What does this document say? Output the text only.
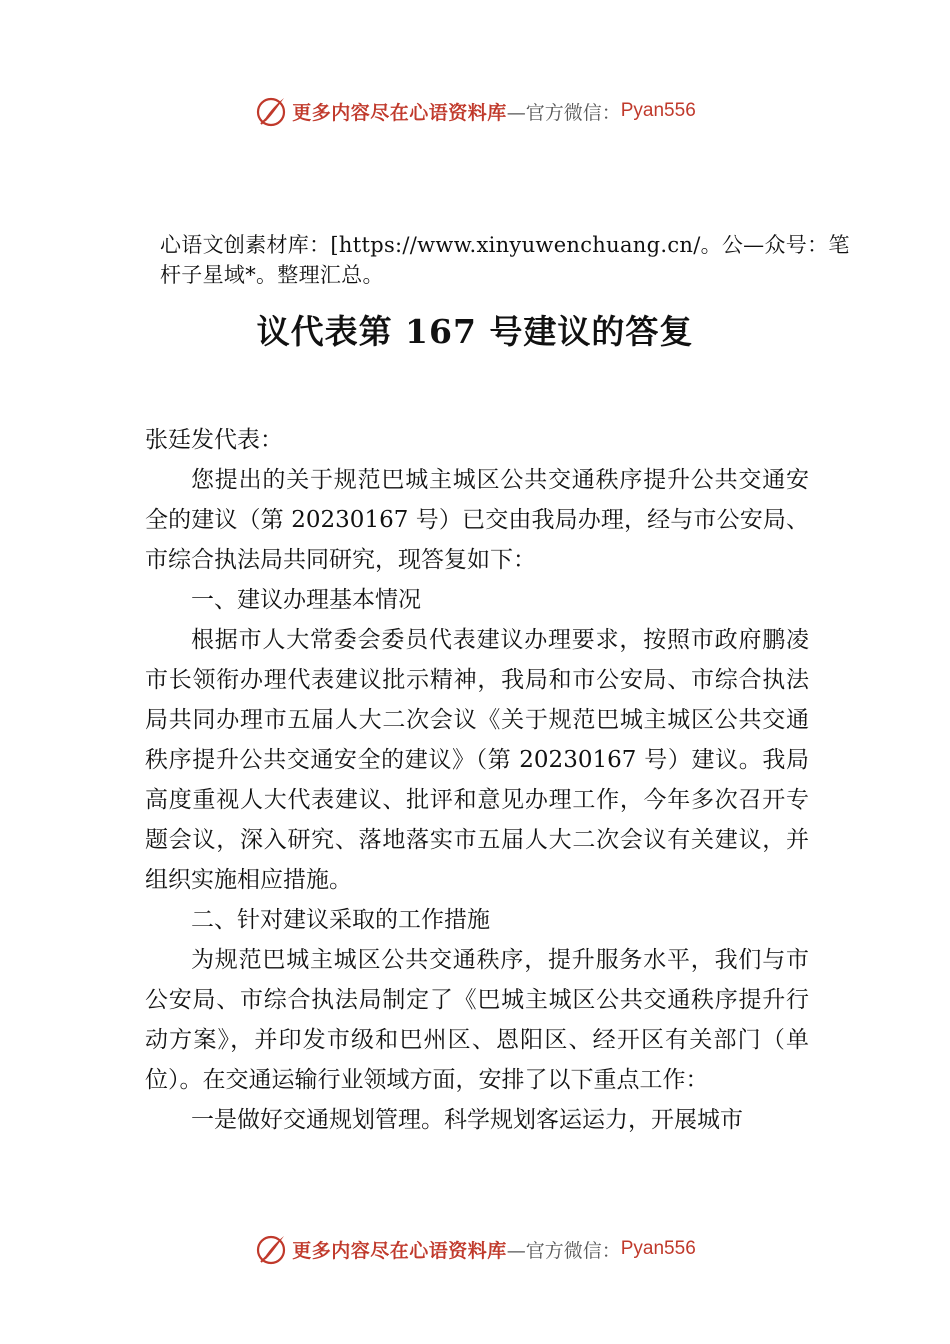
更多内容尽在心语资料库 —官方微信： Pyan556
心语文创素材库：[https://www.xinyuwenchuang.cn/。公—众号：笔杆子星域*。整理汇总。
议代表第 167 号建议的答复

张廷发代表：

您提出的关于规范巴城主城区公共交通秩序提升公共交通安全的建议（第 20230167 号）已交由我局办理，经与市公安局、市综合执法局共同研究，现答复如下：

一、建议办理基本情况

根据市人大常委会委员代表建议办理要求，按照市政府鹏凌市长领衔办理代表建议批示精神，我局和市公安局、市综合执法局共同办理市五届人大二次会议《关于规范巴城主城区公共交通秩序提升公共交通安全的建议》（第 20230167 号）建议。我局高度重视人大代表建议、批评和意见办理工作，今年多次召开专题会议，深入研究、落地落实市五届人大二次会议有关建议，并组织实施相应措施。

二、针对建议采取的工作措施

为规范巴城主城区公共交通秩序，提升服务水平，我们与市公安局、市综合执法局制定了《巴城主城区公共交通秩序提升行动方案》，并印发市级和巴州区、恩阳区、经开区有关部门（单位）。在交通运输行业领域方面，安排了以下重点工作：

一是做好交通规划管理。科学规划客运运力，开展城市

更多内容尽在心语资料库 —官方微信： Pyan556
